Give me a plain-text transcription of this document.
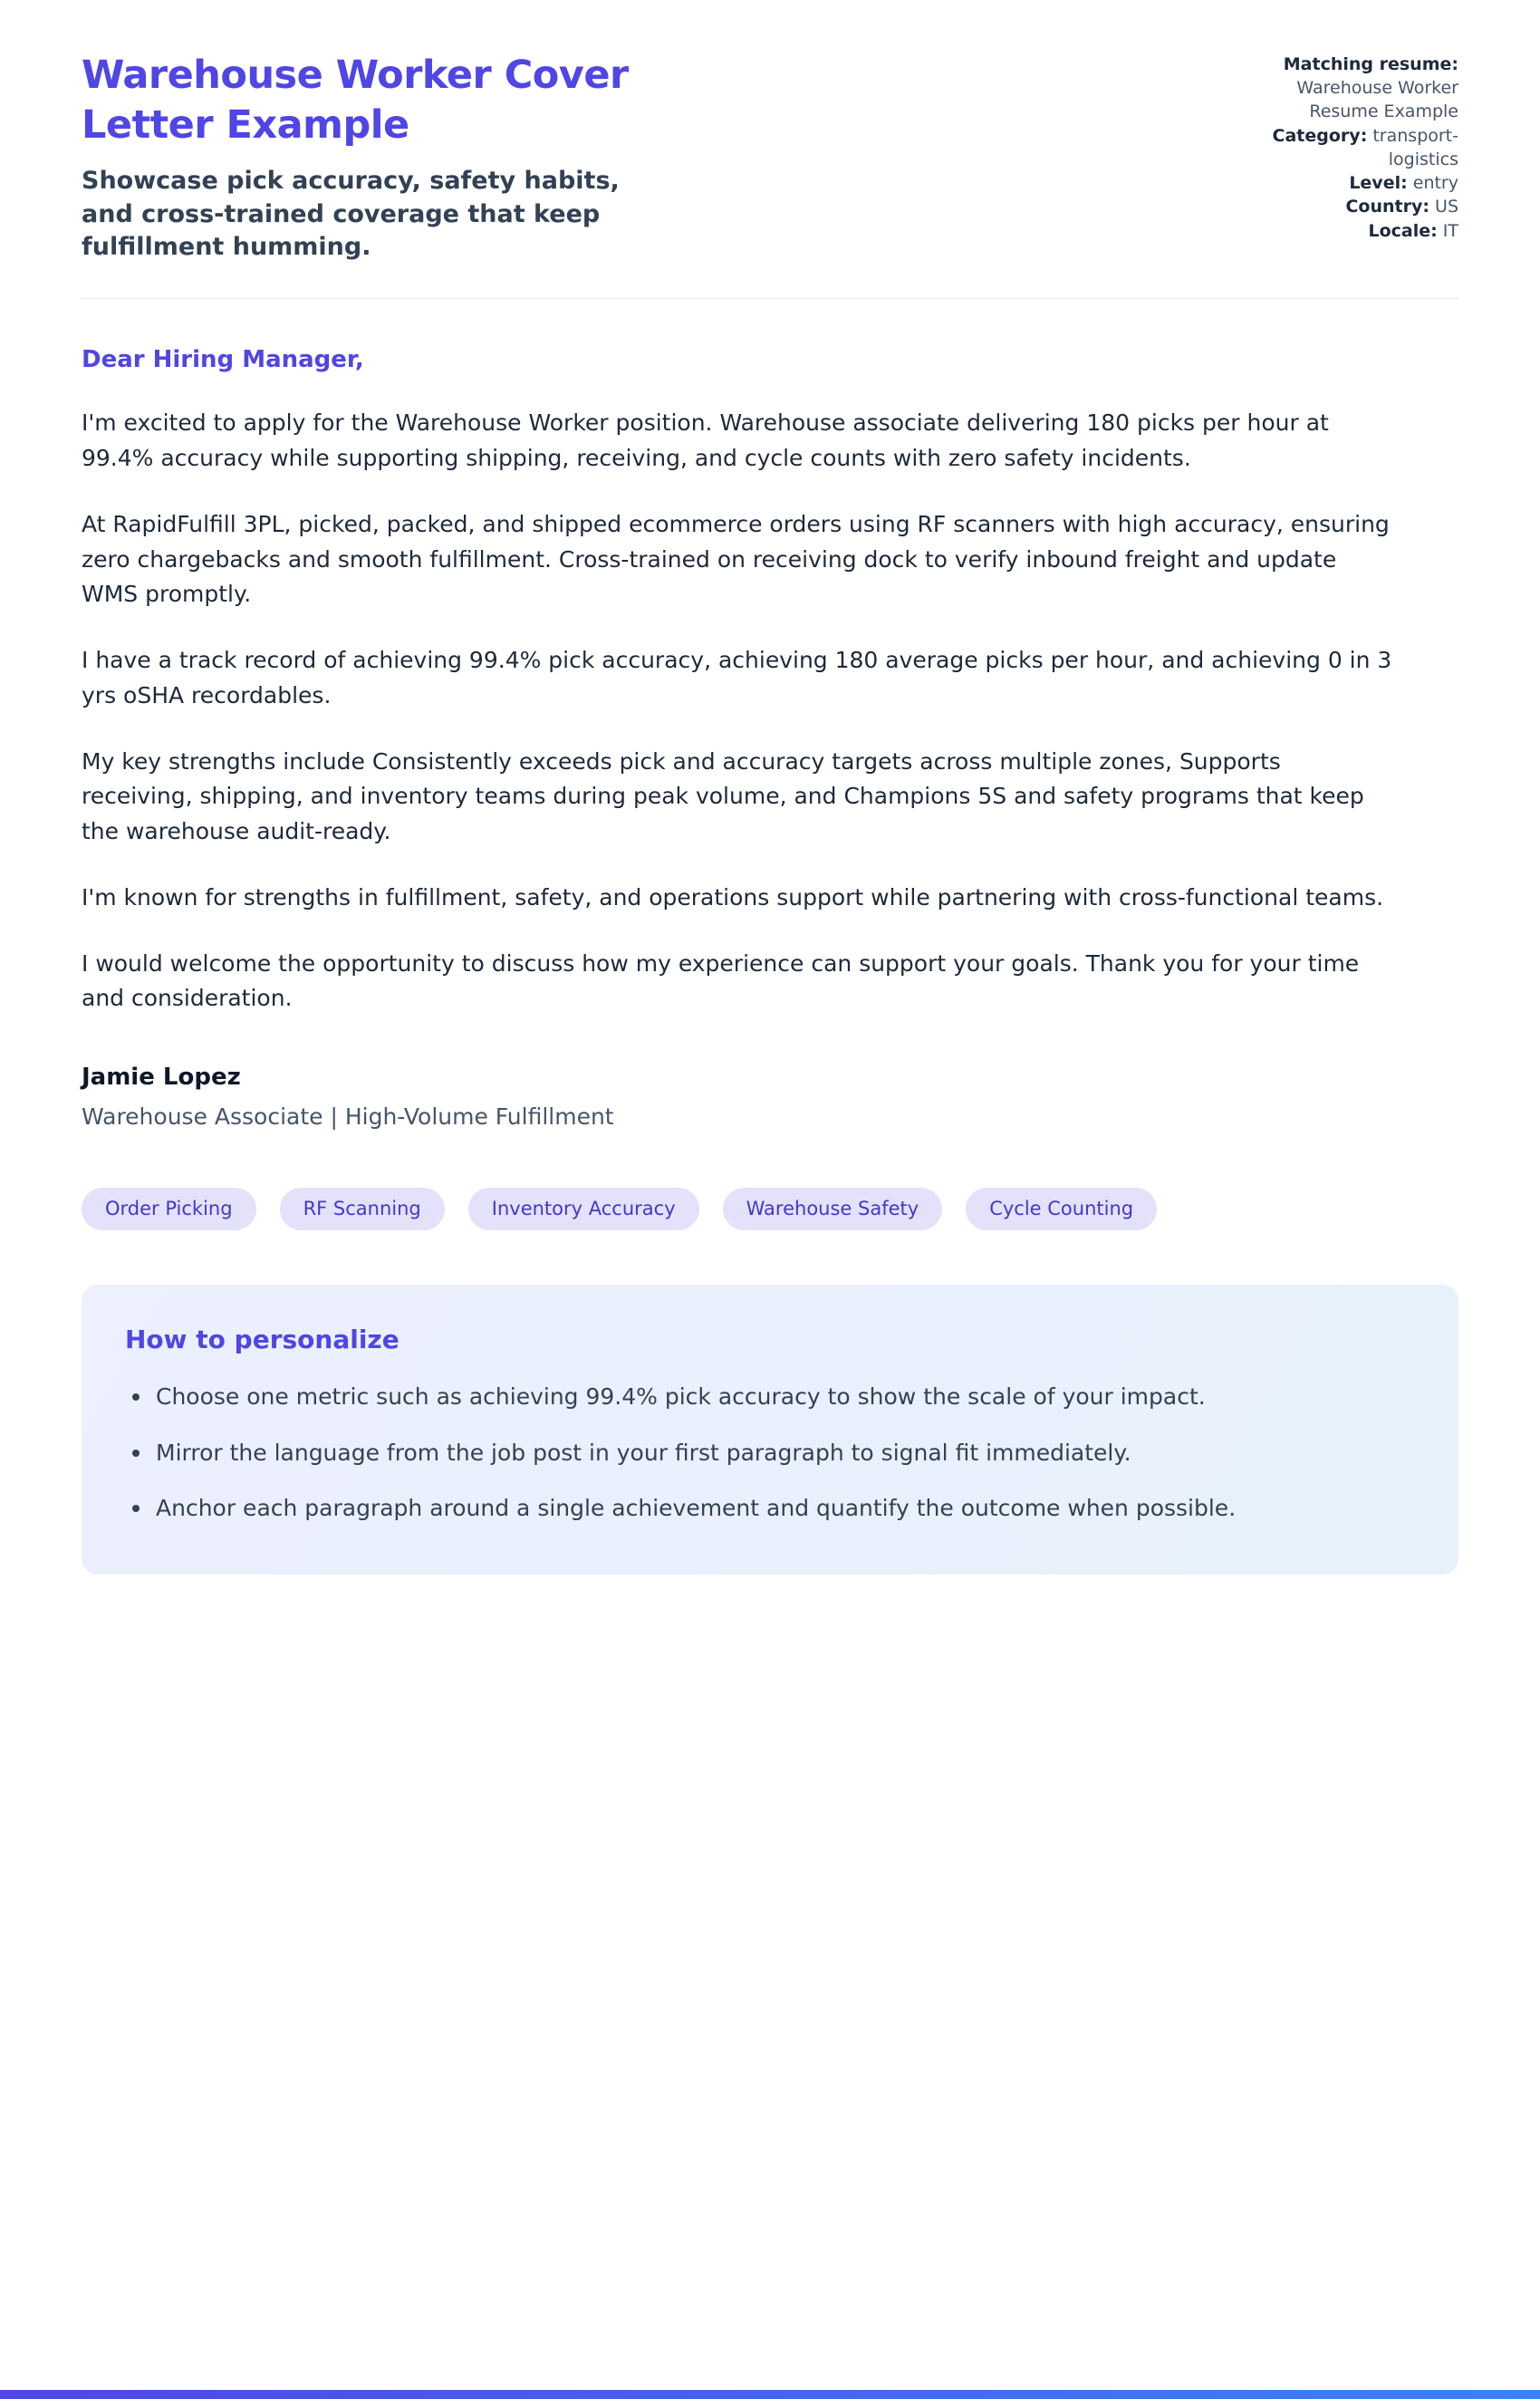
Warehouse Worker Cover Letter Example

Showcase pick accuracy, safety habits, and cross-trained coverage that keep fulfillment humming.

Matching resume: Warehouse Worker Resume Example
Category: transport-logistics
Level: entry
Country: US
Locale: IT

Dear Hiring Manager,

I'm excited to apply for the Warehouse Worker position. Warehouse associate delivering 180 picks per hour at 99.4% accuracy while supporting shipping, receiving, and cycle counts with zero safety incidents.

At RapidFulfill 3PL, picked, packed, and shipped ecommerce orders using RF scanners with high accuracy, ensuring zero chargebacks and smooth fulfillment. Cross-trained on receiving dock to verify inbound freight and update WMS promptly.

I have a track record of achieving 99.4% pick accuracy, achieving 180 average picks per hour, and achieving 0 in 3 yrs oSHA recordables.

My key strengths include Consistently exceeds pick and accuracy targets across multiple zones, Supports receiving, shipping, and inventory teams during peak volume, and Champions 5S and safety programs that keep the warehouse audit-ready.

I'm known for strengths in fulfillment, safety, and operations support while partnering with cross-functional teams.

I would welcome the opportunity to discuss how my experience can support your goals. Thank you for your time and consideration.

Jamie Lopez

Warehouse Associate | High-Volume Fulfillment

Order Picking	RF Scanning	Inventory Accuracy	Warehouse Safety	Cycle Counting
How to personalize
Choose one metric such as achieving 99.4% pick accuracy to show the scale of your impact.
Mirror the language from the job post in your first paragraph to signal fit immediately.
Anchor each paragraph around a single achievement and quantify the outcome when possible.
